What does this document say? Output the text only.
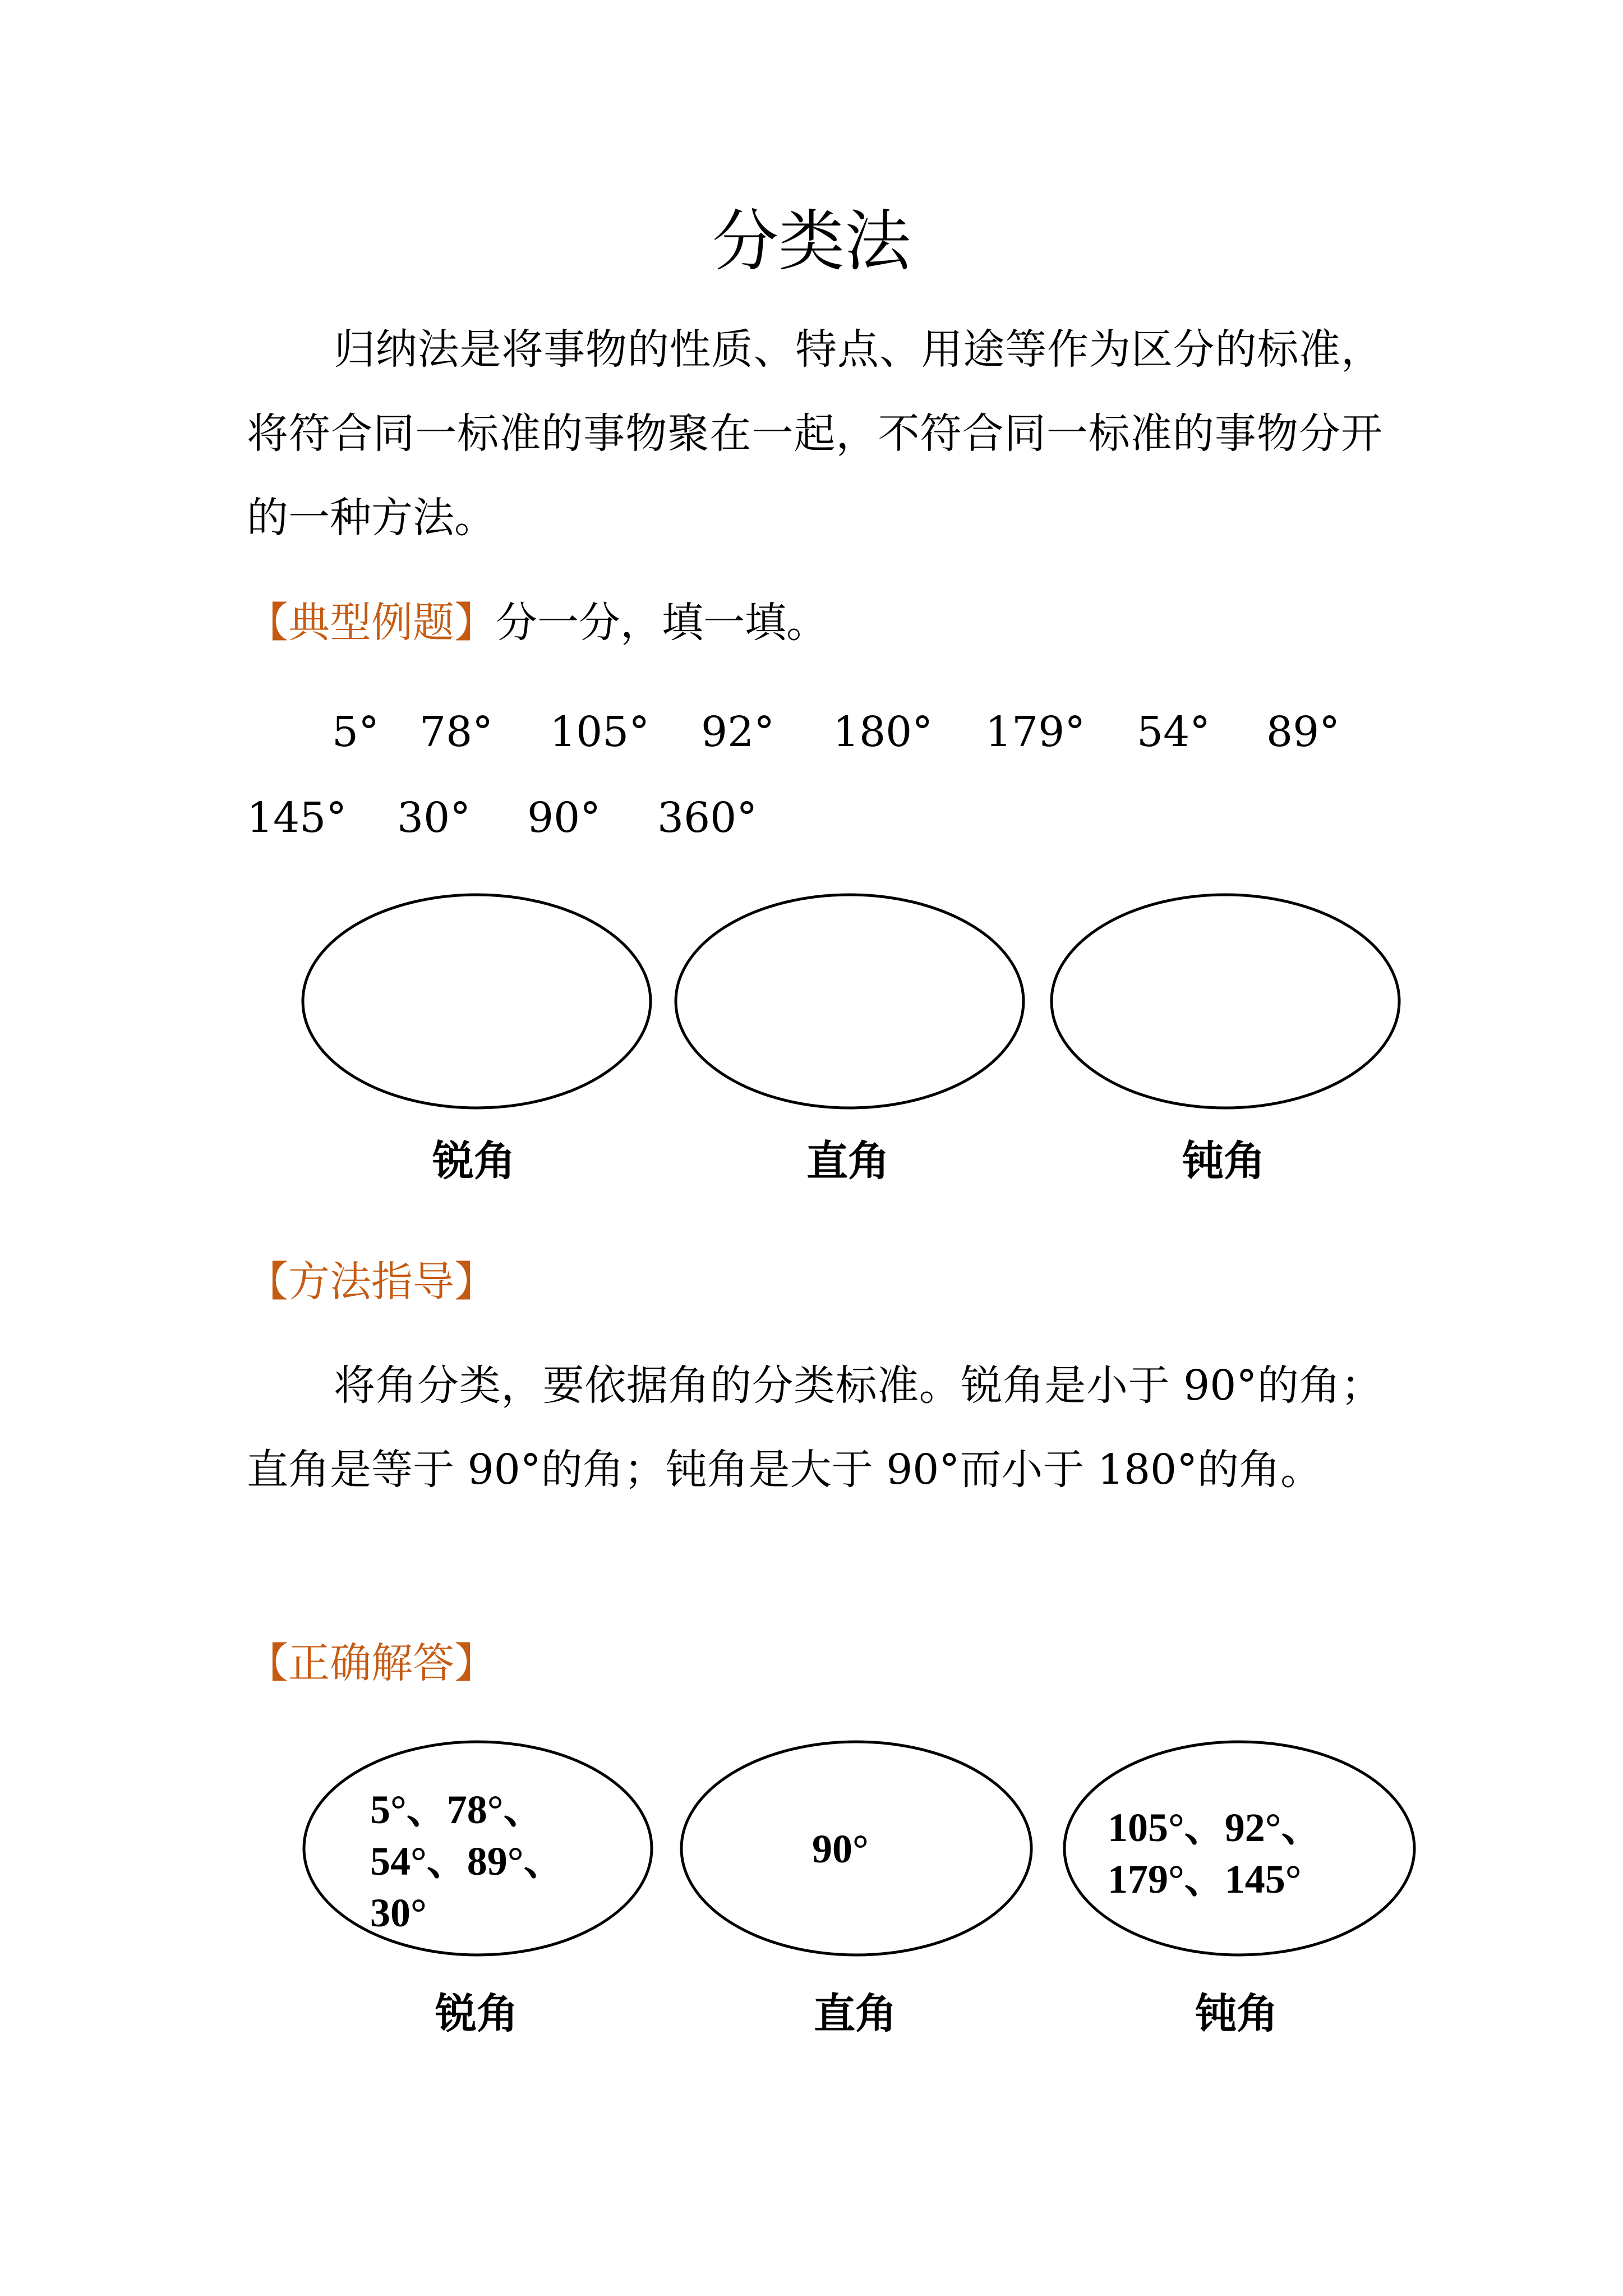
分类法
归纳法是将事物的性质、特点、用途等作为区分的标准，将符合同一标准的事物聚在一起，不符合同一标准的事物分开的一种方法。
【典型例题】分一分，填一填。
5° 78° 105° 92° 180° 179° 54° 89°
145° 30° 90° 360°
锐角	直角	钝角
【方法指导】
将角分类，要依据角的分类标准。锐角是小于 90°的角；直角是等于 90°的角；钝角是大于 90°而小于 180°的角。
【正确解答】
5°、78°、
54°、89°、
30°
90°	105°、92°、
179°、145°
锐角	直角	钝角
